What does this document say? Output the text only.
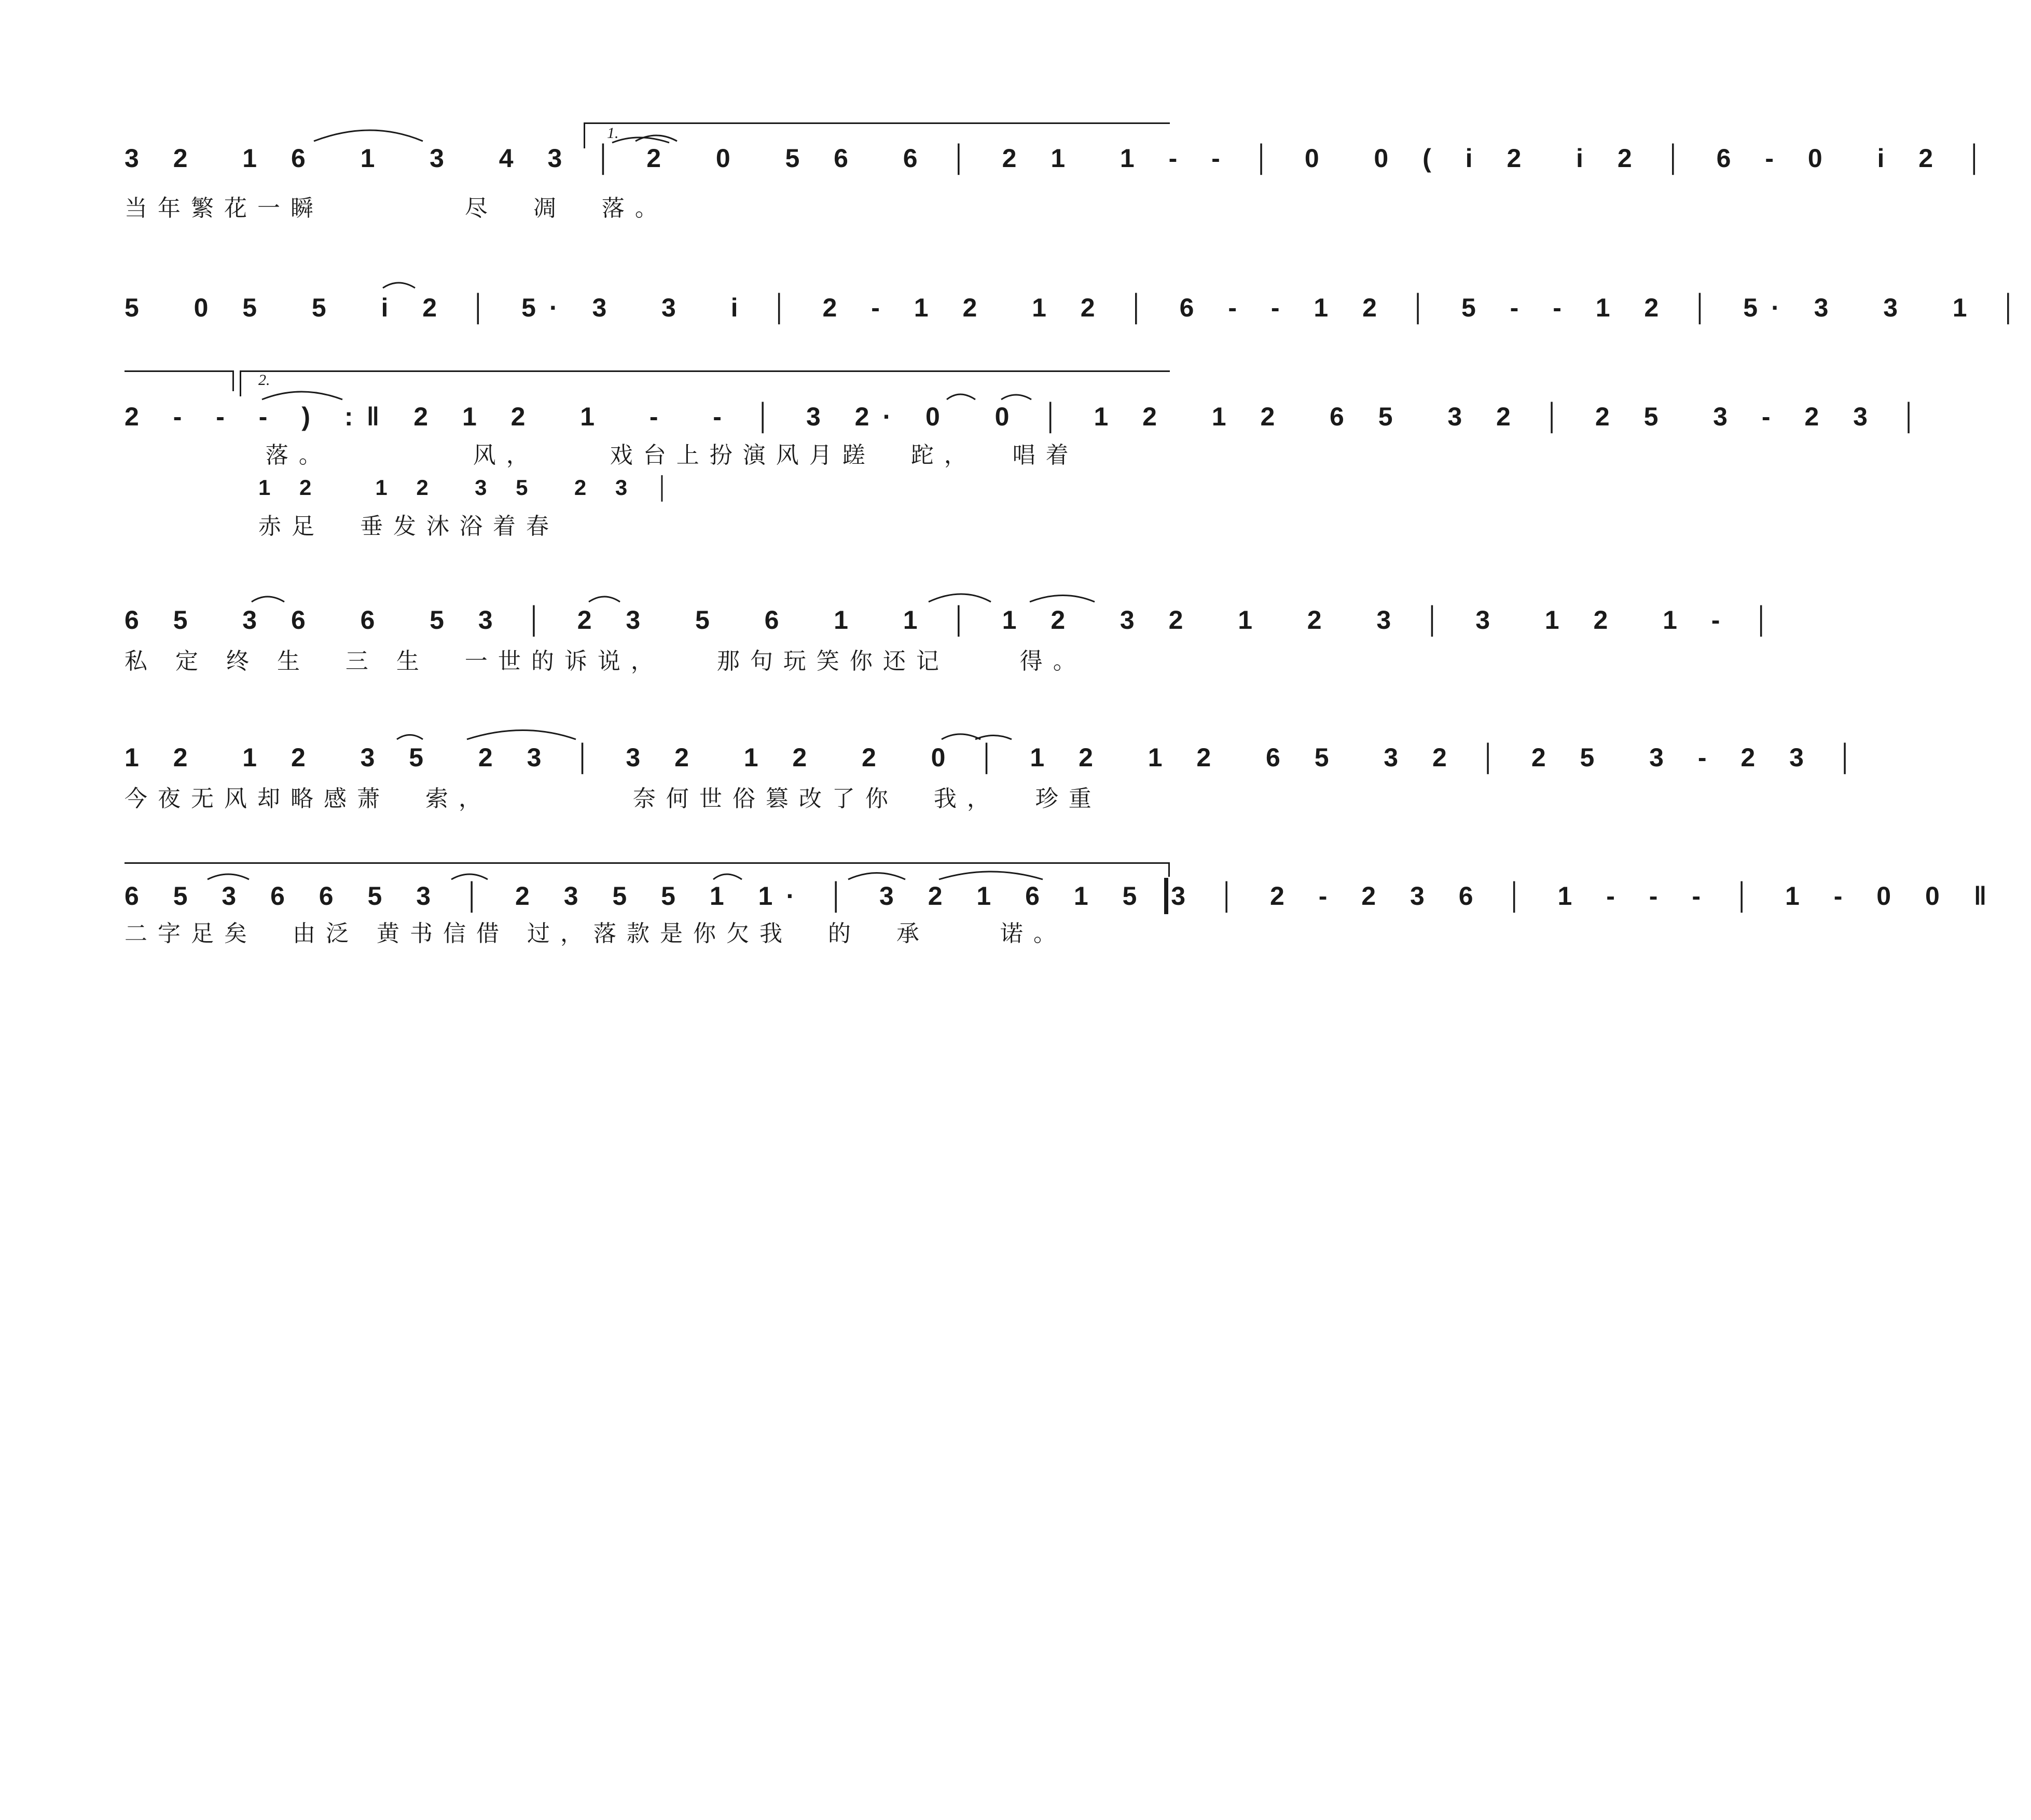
3 2  1 6  1  3  4 3 │ 2  0  5 6  6 │ 2 1  1 - - │ 0  0 ( i 2  i 2 │ 6 - 0  i 2 │
当年繁花一瞬        尽  凋  落。
1.
5  0 5  5  i 2 │ 5· 3  3  i │ 2 - 1 2  1 2 │ 6 - - 1 2 │ 5 - - 1 2 │ 5· 3  3  1 │
2.
2 - - - ) :‖ 2 1 2  1  -  - │ 3 2· 0  0 │ 1 2  1 2  6 5  3 2 │ 2 5  3 - 2 3 │
落。        风，    戏台上扮演风月蹉  跎，  唱着
1 2   1 2  3 5  2 3 │
赤足  垂发沐浴着春
6 5  3 6  6  5 3 │ 2 3  5  6  1  1 │ 1 2  3 2  1  2  3 │ 3  1 2  1 - │
私 定 终 生  三 生  一世的诉说，   那句玩笑你还记    得。
1 2  1 2  3 5  2 3 │ 3 2  1 2  2  0 │ 1 2  1 2  6 5  3 2 │ 2 5  3 - 2 3 │
今夜无风却略感萧  索，        奈何世俗篡改了你  我，  珍重
6 5 3 6 6 5 3 │ 2 3 5 5 1 1· │ 3 2 1 6 1 5 3 │ 2 - 2 3 6 │ 1 - - - │ 1 - 0 0 ‖
二字足矣  由泛 黄书信借 过，落款是你欠我  的  承    诺。
